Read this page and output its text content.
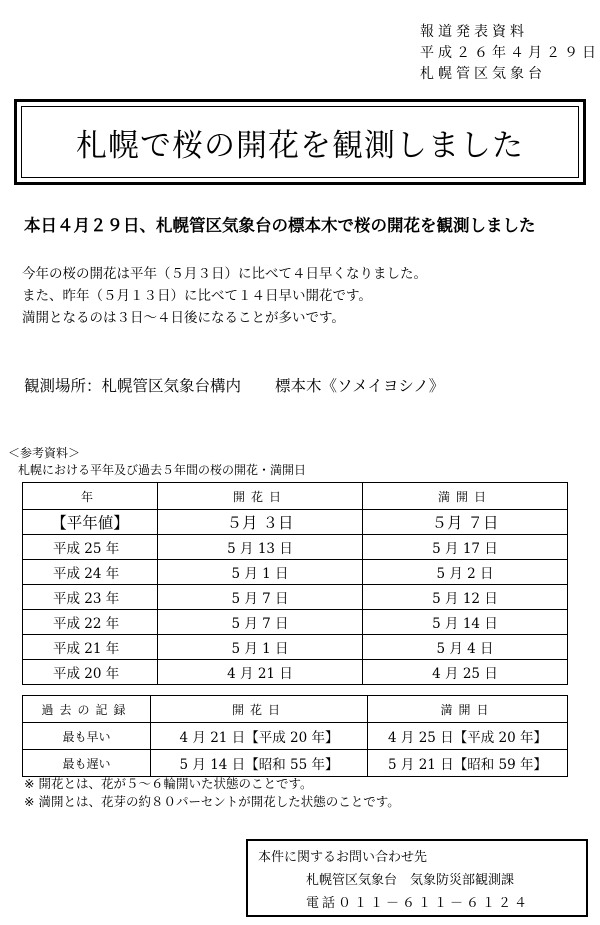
報道発表資料
平成２６年４月２９日
札幌管区気象台
札幌で桜の開花を観測しました
本日４月２９日、札幌管区気象台の標本木で桜の開花を観測しました
今年の桜の開花は平年（５月３日）に比べて４日早くなりました。
また、昨年（５月１３日）に比べて１４日早い開花です。
満開となるのは３日～４日後になることが多いです。
観測場所：札幌管区気象台構内 標本木《ソメイヨシノ》
＜参考資料＞
札幌における平年及び過去５年間の桜の開花・満開日
年	開花日	満開日
【平年値】	５月 ３日	５月 ７日
平成 25 年	5 月 13 日	5 月 17 日
平成 24 年	5 月 1 日	5 月 2 日
平成 23 年	5 月 7 日	5 月 12 日
平成 22 年	5 月 7 日	5 月 14 日
平成 21 年	5 月 1 日	5 月 4 日
平成 20 年	4 月 21 日	4 月 25 日
過去の記録	開花日	満開日
最も早い	4 月 21 日【平成 20 年】	4 月 25 日【平成 20 年】
最も遅い	5 月 14 日【昭和 55 年】	5 月 21 日【昭和 59 年】
※ 開花とは、花が５～６輪開いた状態のことです。
※ 満開とは、花芽の約８０パーセントが開花した状態のことです。
本件に関するお問い合わせ先
札幌管区気象台　気象防災部観測課
電話０１１－６１１－６１２４
